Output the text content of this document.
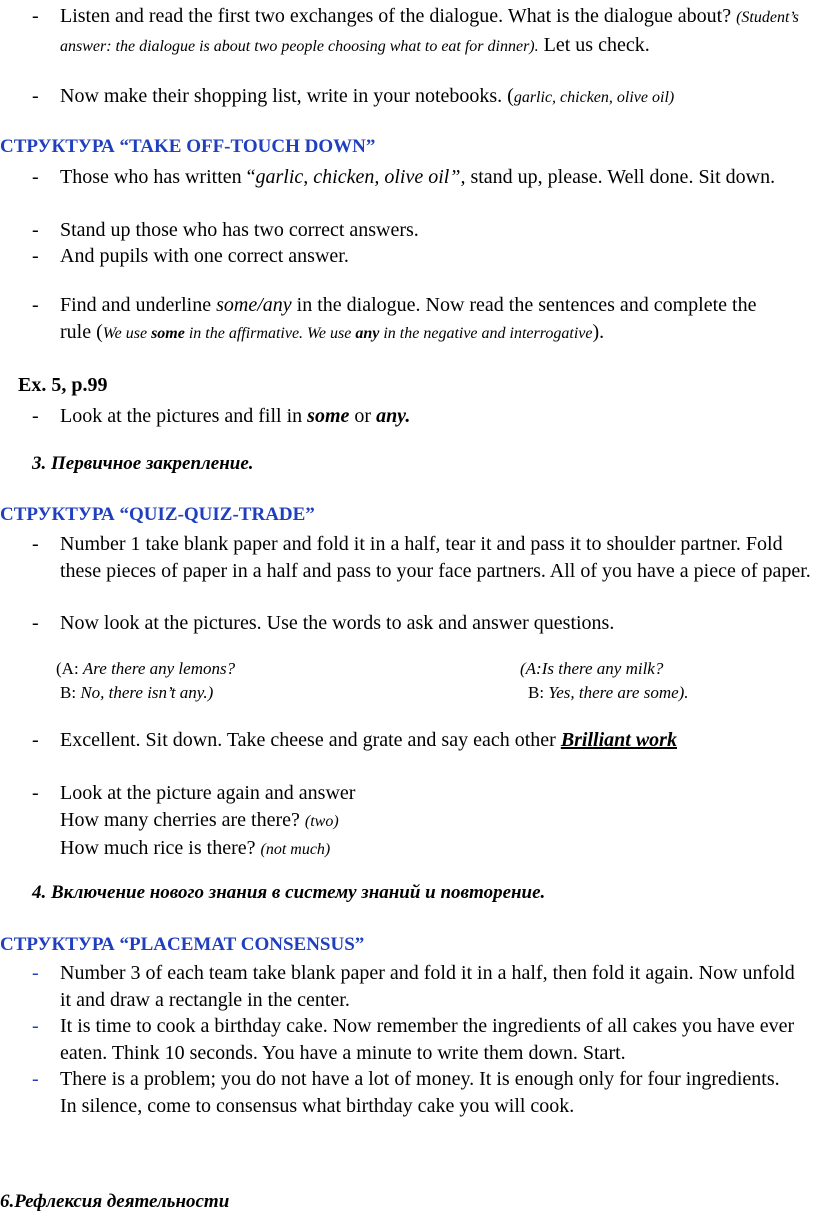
- Listen and read the first two exchanges of the dialogue. What is the dialogue about? (Student’s answer: the dialogue is about two people choosing what to eat for dinner). Let us check.
- Now make their shopping list, write in your notebooks. (garlic, chicken, olive oil)
СТРУКТУРА “TAKE OFF-TOUCH DOWN”
- Those who has written “garlic, chicken, olive oil”, stand up, please. Well done. Sit down.
- Stand up those who has two correct answers.
- And pupils with one correct answer.
- Find and underline some/any in the dialogue. Now read the sentences and complete the rule (We use some in the affirmative. We use any in the negative and interrogative).
Ex. 5, p.99
- Look at the pictures and fill in some or any.
3. Первичное закрепление.
СТРУКТУРА “QUIZ-QUIZ-TRADE”
- Number 1 take blank paper and fold it in a half, tear it and pass it to shoulder partner. Fold these pieces of paper in a half and pass to your face partners. All of you have a piece of paper.
- Now look at the pictures. Use the words to ask and answer questions.
(A: Are there any lemons?
B: No, there isn’t any.)
(A:Is there any milk?
B: Yes, there are some).
- Excellent. Sit down. Take cheese and grate and say each other Brilliant work
- Look at the picture again and answer
How many cherries are there? (two)
How much rice is there? (not much)
4. Включение нового знания в систему знаний и повторение.
СТРУКТУРА “PLACEMAT CONSENSUS”
- Number 3 of each team take blank paper and fold it in a half, then fold it again. Now unfold it and draw a rectangle in the center.
- It is time to cook a birthday cake. Now remember the ingredients of all cakes you have ever eaten. Think 10 seconds. You have a minute to write them down. Start.
- There is a problem; you do not have a lot of money. It is enough only for four ingredients. In silence, come to consensus what birthday cake you will cook.
6.Рефлексия деятельности
